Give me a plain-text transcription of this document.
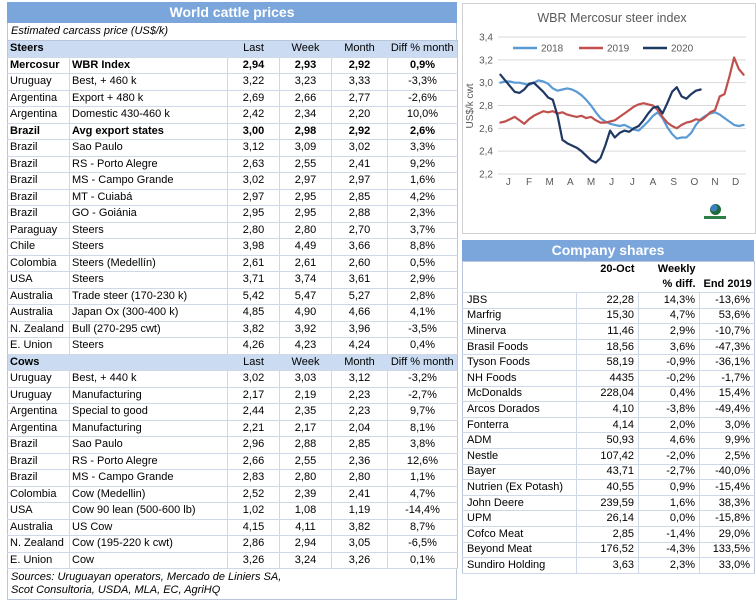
World cattle prices
Estimated carcass price (US$/k)
Steers		Last	Week	Month	Diff % month
Mercosur	WBR Index	2,94	2,93	2,92	0,9%
Uruguay	Best, + 460 k	3,22	3,23	3,33	-3,3%
Argentina	Export + 480 k	2,69	2,66	2,77	-2,6%
Argentina	Domestic 430-460 k	2,42	2,34	2,20	10,0%
Brazil	Avg export states	3,00	2,98	2,92	2,6%
Brazil	Sao Paulo	3,12	3,09	3,02	3,3%
Brazil	RS - Porto Alegre	2,63	2,55	2,41	9,2%
Brazil	MS - Campo Grande	3,02	2,97	2,97	1,6%
Brazil	MT - Cuiabá	2,97	2,95	2,85	4,2%
Brazil	GO - Goiánia	2,95	2,95	2,88	2,3%
Paraguay	Steers	2,80	2,80	2,70	3,7%
Chile	Steers	3,98	4,49	3,66	8,8%
Colombia	Steers (Medellín)	2,61	2,61	2,60	0,5%
USA	Steers	3,71	3,74	3,61	2,9%
Australia	Trade steer (170-230 k)	5,42	5,47	5,27	2,8%
Australia	Japan Ox (300-400 k)	4,85	4,90	4,66	4,1%
N. Zealand	Bull (270-295 cwt)	3,82	3,92	3,96	-3,5%
E. Union	Steers	4,26	4,23	4,24	0,4%
Cows		Last	Week	Month	Diff % month
Uruguay	Best, + 440 k	3,02	3,03	3,12	-3,2%
Uruguay	Manufacturing	2,17	2,19	2,23	-2,7%
Argentina	Special to good	2,44	2,35	2,23	9,7%
Argentina	Manufacturing	2,21	2,17	2,04	8,1%
Brazil	Sao Paulo	2,96	2,88	2,85	3,8%
Brazil	RS - Porto Alegre	2,66	2,55	2,36	12,6%
Brazil	MS - Campo Grande	2,83	2,80	2,80	1,1%
Colombia	Cow (Medellin)	2,52	2,39	2,41	4,7%
USA	Cow 90 lean (500-600 lb)	1,02	1,08	1,19	-14,4%
Australia	US Cow	4,15	4,11	3,82	8,7%
N. Zealand	Cow (195-220 k cwt)	2,86	2,94	3,05	-6,5%
E. Union	Cow	3,26	3,24	3,26	0,1%
Sources: Uruguayan operators, Mercado de Liniers SA,
Scot Consultoria, USDA, MLA, EC, AgriHQ
WBR Mercosur steer index
3,4
3,2
3,0
2,8
2,6
2,4
2,2
J F M A M J J A S O N D
US$/k cwt
2018	2019	2020
Company shares
	20-Oct	Weekly	
		% diff.	End 2019
JBS	22,28	14,3%	-13,6%
Marfrig	15,30	4,7%	53,6%
Minerva	11,46	2,9%	-10,7%
Brasil Foods	18,56	3,6%	-47,3%
Tyson Foods	58,19	-0,9%	-36,1%
NH Foods	4435	-0,2%	-1,7%
McDonalds	228,04	0,4%	15,4%
Arcos Dorados	4,10	-3,8%	-49,4%
Fonterra	4,14	2,0%	3,0%
ADM	50,93	4,6%	9,9%
Nestle	107,42	-2,0%	2,5%
Bayer	43,71	-2,7%	-40,0%
Nutrien (Ex Potash)	40,55	0,9%	-15,4%
John Deere	239,59	1,6%	38,3%
UPM	26,14	0,0%	-15,8%
Cofco Meat	2,85	-1,4%	29,0%
Beyond Meat	176,52	-4,3%	133,5%
Sundiro Holding	3,63	2,3%	33,0%
